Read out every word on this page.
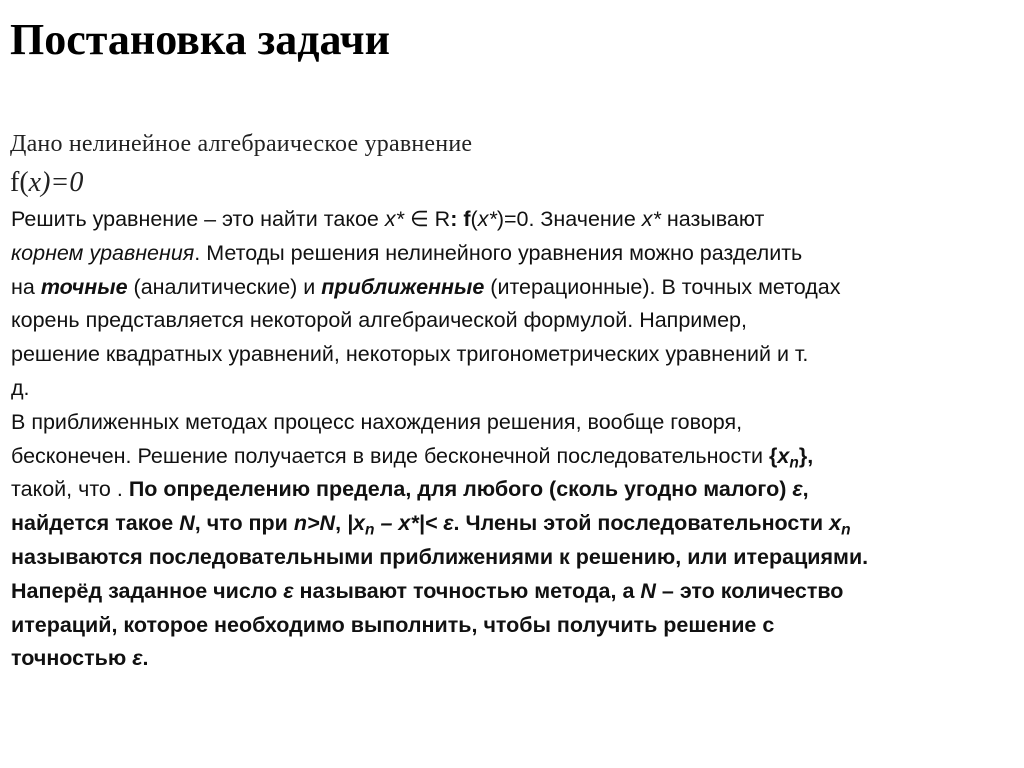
Постановка задачи
Дано нелинейное алгебраическое уравнение
f(x)=0
Решить уравнение – это найти такое x* ∈ R: f(x*)=0. Значение x* называют
корнем уравнения. Методы решения нелинейного уравнения можно разделить
на точные (аналитические) и приближенные (итерационные). В точных методах
корень представляется некоторой алгебраической формулой. Например,
решение квадратных уравнений, некоторых тригонометрических уравнений и т.
д.
В приближенных методах процесс нахождения решения, вообще говоря,
бесконечен. Решение получается в виде бесконечной последовательности $\{x_n\}$,
такой, что . По определению предела, для любого (сколь угодно малого) ε,
найдется такое N, что при n>N, $|x_n - x*|< \varepsilon$. Члены этой последовательности $x_n$
называются последовательными приближениями к решению, или итерациями.
Наперёд заданное число ε называют точностью метода, а N – это количество
итераций, которое необходимо выполнить, чтобы получить решение с
точностью ε.
